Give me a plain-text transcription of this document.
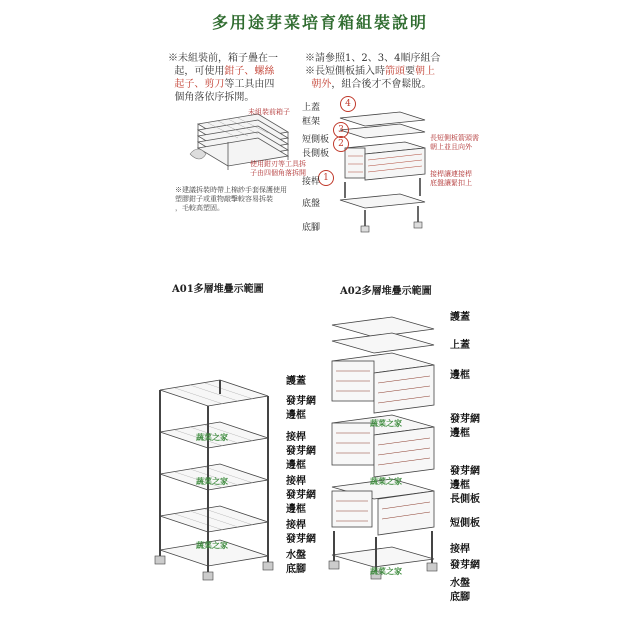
多用途芽菜培育箱組裝說明
※未組裝前，箱子疊在一
起，可使用鉗子、螺絲
起子、剪刀等工具由四
個角落依序拆開。
※請參照1、2、3、4順序組合
※長短側板插入時箭頭要朝上
朝外，組合後才不會鬆脫。
未組裝前箱子
使用鉗刃等工具拆
子由四個角落拆開
※建議拆裝時帶上棉紗手套保護使用
塑膠鉗子或重物敲擊較容易拆裝
，毛較高塑固。
4
3
2
1
上蓋
框架
短側板
長側板
接桿
底盤
底腳
長短側板箭頭需
朝上並且向外
接桿讓連接桿
底盤讓緊扣上
A01多層堆疊示範圖	A02多層堆疊示範圖
蔬菜之家
蔬菜之家
蔬菜之家
護蓋
發芽網
邊框
接桿
發芽網
邊框
接桿
發芽網
邊框
接桿
發芽網
水盤
底腳
蔬菜之家
蔬菜之家
蔬菜之家
護蓋
上蓋
邊框
發芽網
邊框
發芽網
邊框
長側板
短側板
接桿
發芽網
水盤
底腳
